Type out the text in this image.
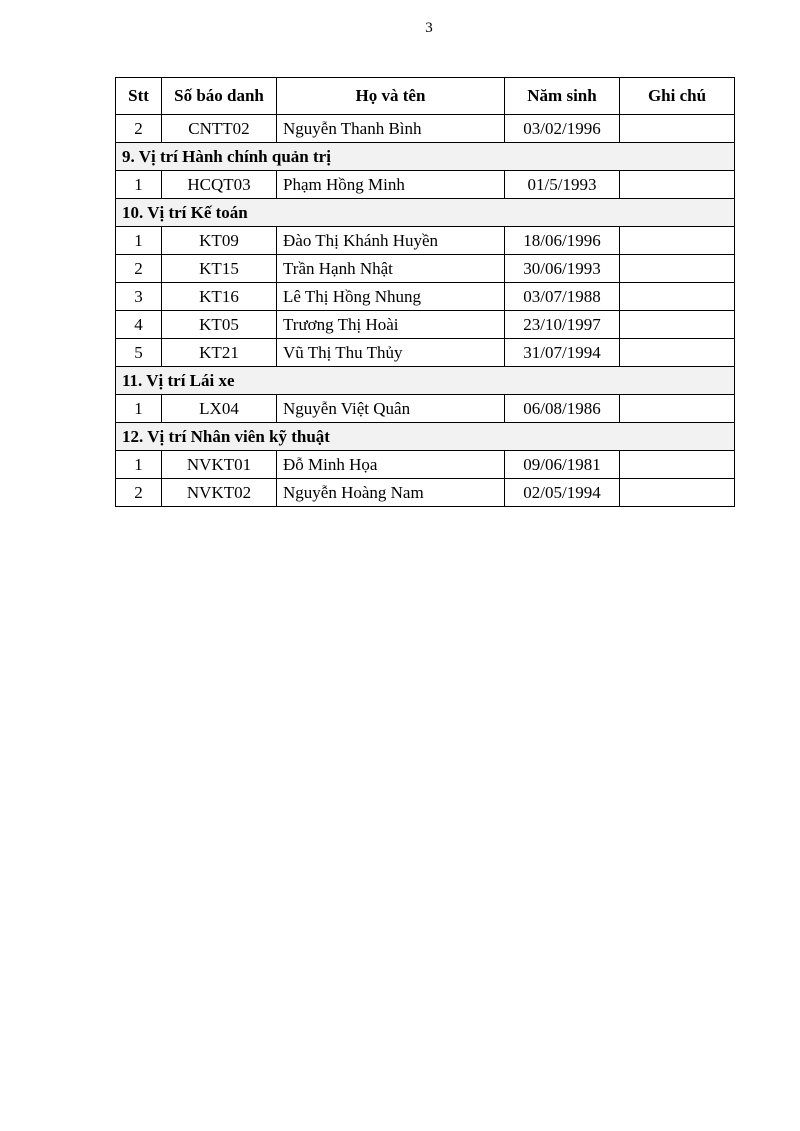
3
Stt	Số báo danh	Họ và tên	Năm sinh	Ghi chú
2	CNTT02	Nguyễn Thanh Bình	03/02/1996	
9. Vị trí Hành chính quản trị				
1	HCQT03	Phạm Hồng Minh	01/5/1993	
10. Vị trí Kế toán				
1	KT09	Đào Thị Khánh Huyền	18/06/1996	
2	KT15	Trần Hạnh Nhật	30/06/1993	
3	KT16	Lê Thị Hồng Nhung	03/07/1988	
4	KT05	Trương Thị Hoài	23/10/1997	
5	KT21	Vũ Thị Thu Thủy	31/07/1994	
11. Vị trí Lái xe				
1	LX04	Nguyễn Việt Quân	06/08/1986	
12. Vị trí Nhân viên kỹ thuật				
1	NVKT01	Đỗ Minh Họa	09/06/1981	
2	NVKT02	Nguyễn Hoàng Nam	02/05/1994	
